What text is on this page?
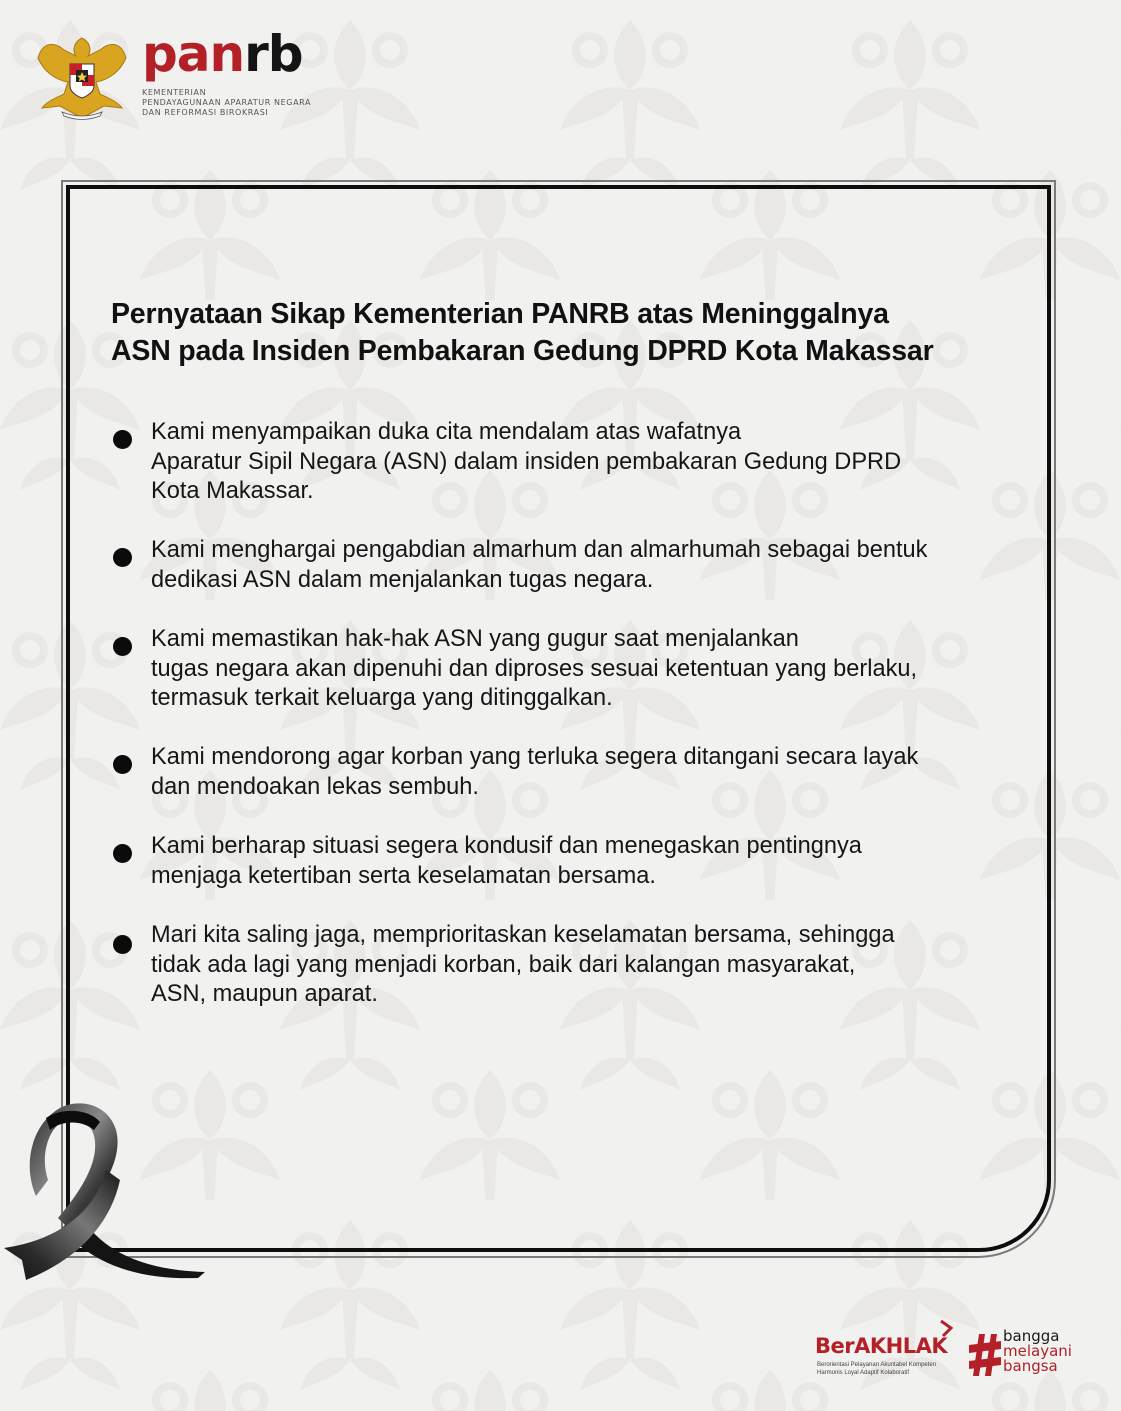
panrb
KEMENTERIAN
PENDAYAGUNAAN APARATUR NEGARA
DAN REFORMASI BIROKRASI
Pernyataan Sikap Kementerian PANRB atas Meninggalnya
ASN pada Insiden Pembakaran Gedung DPRD Kota Makassar
Kami menyampaikan duka cita mendalam atas wafatnya
Aparatur Sipil Negara (ASN) dalam insiden pembakaran Gedung DPRD
Kota Makassar.
Kami menghargai pengabdian almarhum dan almarhumah sebagai bentuk
dedikasi ASN dalam menjalankan tugas negara.
Kami memastikan hak-hak ASN yang gugur saat menjalankan
tugas negara akan dipenuhi dan diproses sesuai ketentuan yang berlaku,
termasuk terkait keluarga yang ditinggalkan.
Kami mendorong agar korban yang terluka segera ditangani secara layak
dan mendoakan lekas sembuh.
Kami berharap situasi segera kondusif dan menegaskan pentingnya
menjaga ketertiban serta keselamatan bersama.
Mari kita saling jaga, memprioritaskan keselamatan bersama, sehingga
tidak ada lagi yang menjadi korban, baik dari kalangan masyarakat,
ASN, maupun aparat.
BerAKHLAK
Berorientasi Pelayanan Akuntabel Kompeten
Harmonis Loyal Adaptif Kolaboratif
bangga
melayani
bangsa
